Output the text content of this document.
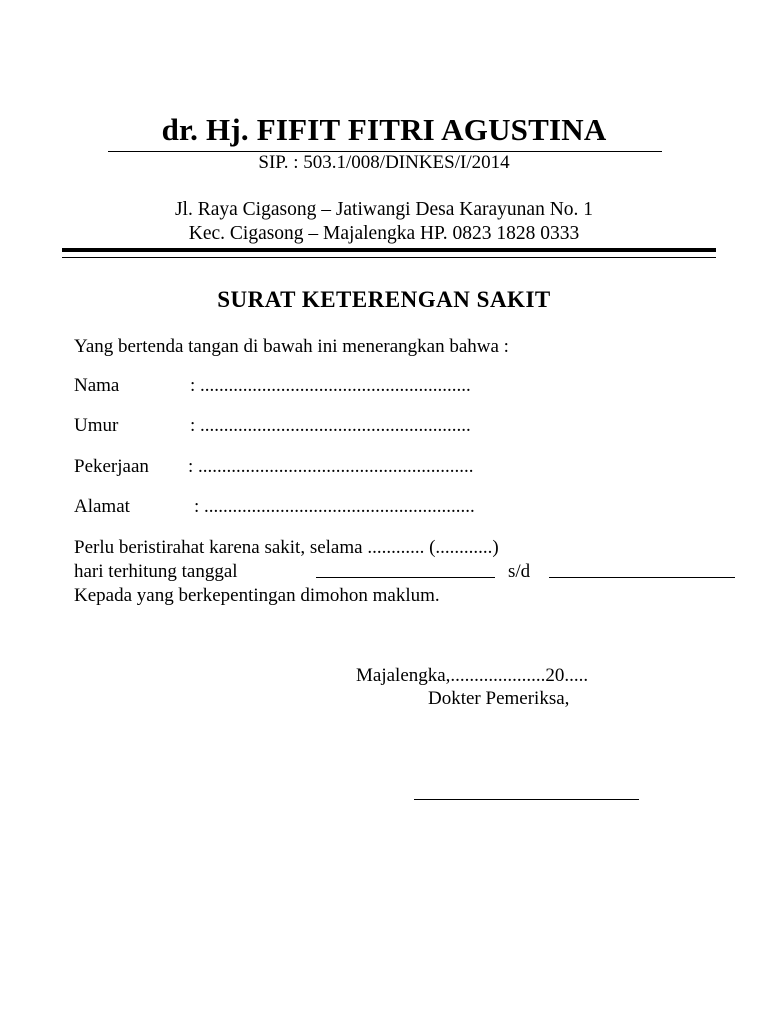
dr. Hj. FIFIT FITRI AGUSTINA
SIP. : 503.1/008/DINKES/I/2014
Jl. Raya Cigasong – Jatiwangi Desa Karayunan No. 1
Kec. Cigasong – Majalengka HP. 0823 1828 0333
SURAT KETERENGAN SAKIT
Yang bertenda tangan di bawah ini menerangkan bahwa :
Nama	: .........................................................
Umur	: .........................................................
Pekerjaan : ..........................................................
Alamat	: .........................................................
Perlu beristirahat karena sakit, selama ............ (............)
hari terhitung tanggal	s/d
Kepada yang berkepentingan dimohon maklum.
Majalengka,....................20.....
Dokter Pemeriksa,
